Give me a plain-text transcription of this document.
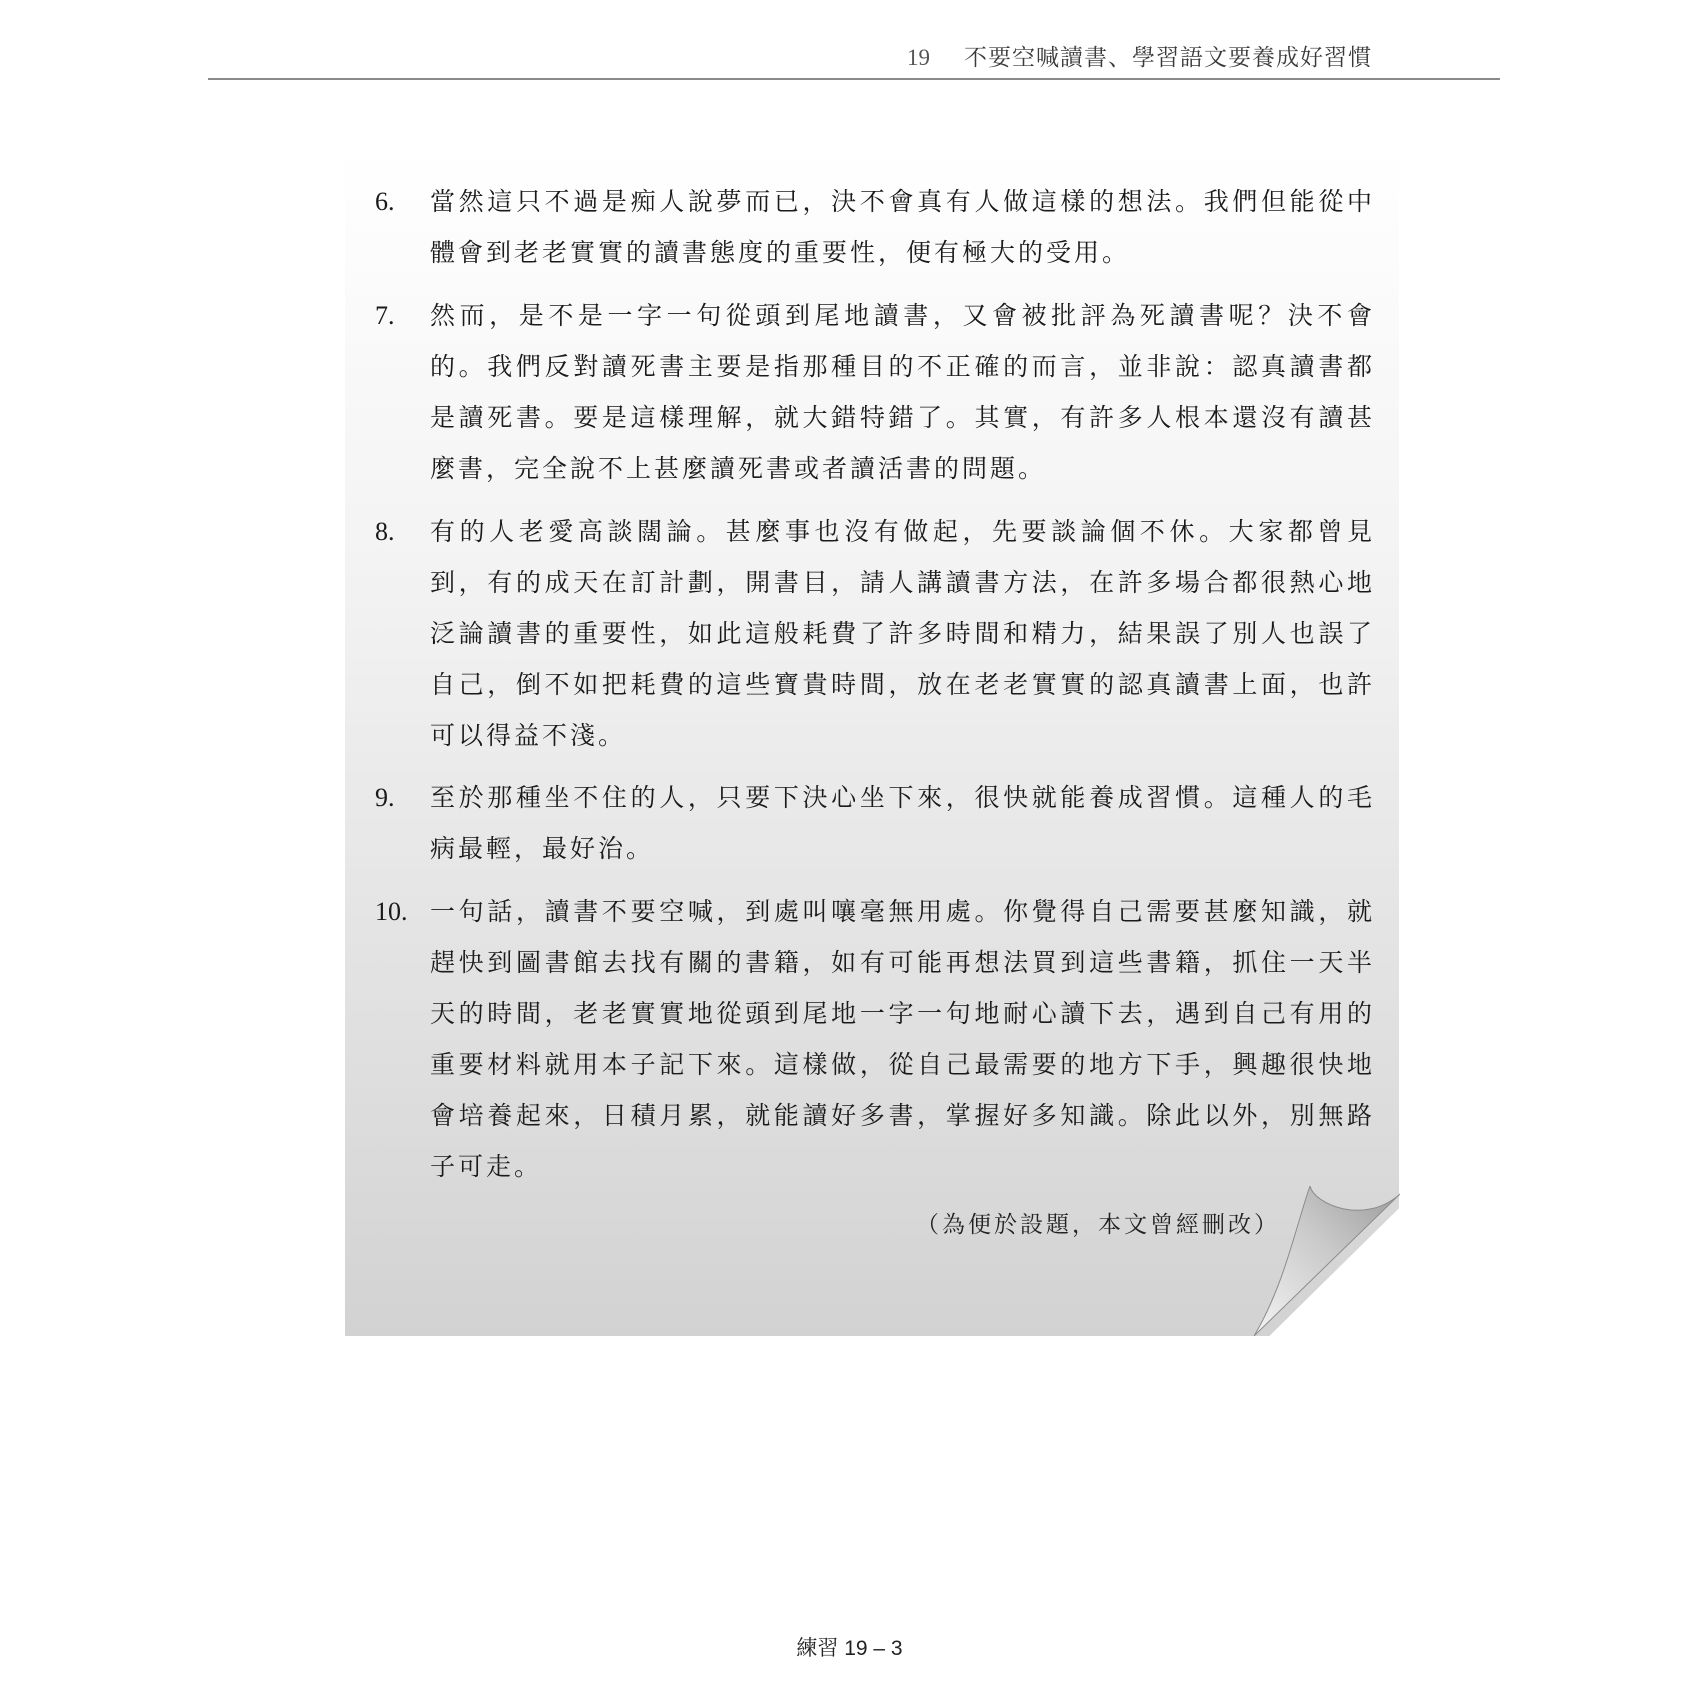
19 不要空喊讀書、學習語文要養成好習慣
6.	當然這只不過是痴人說夢而已，決不會真有人做這樣的想法。我們但能從中體會到老老實實的讀書態度的重要性，便有極大的受用。
7.	然而，是不是一字一句從頭到尾地讀書，又會被批評為死讀書呢？決不會的。我們反對讀死書主要是指那種目的不正確的而言，並非說：認真讀書都是讀死書。要是這樣理解，就大錯特錯了。其實，有許多人根本還沒有讀甚麼書，完全說不上甚麼讀死書或者讀活書的問題。
8.	有的人老愛高談闊論。甚麼事也沒有做起，先要談論個不休。大家都曾見到，有的成天在訂計劃，開書目，請人講讀書方法，在許多場合都很熱心地泛論讀書的重要性，如此這般耗費了許多時間和精力，結果誤了別人也誤了自己，倒不如把耗費的這些寶貴時間，放在老老實實的認真讀書上面，也許可以得益不淺。
9.	至於那種坐不住的人，只要下決心坐下來，很快就能養成習慣。這種人的毛病最輕，最好治。
10. 一句話，讀書不要空喊，到處叫嚷毫無用處。你覺得自己需要甚麼知識，就趕快到圖書館去找有關的書籍，如有可能再想法買到這些書籍，抓住一天半天的時間，老老實實地從頭到尾地一字一句地耐心讀下去，遇到自己有用的重要材料就用本子記下來。這樣做，從自己最需要的地方下手，興趣很快地會培養起來，日積月累，就能讀好多書，掌握好多知識。除此以外，別無路子可走。
（為便於設題，本文曾經刪改）
練習 19 – 3
